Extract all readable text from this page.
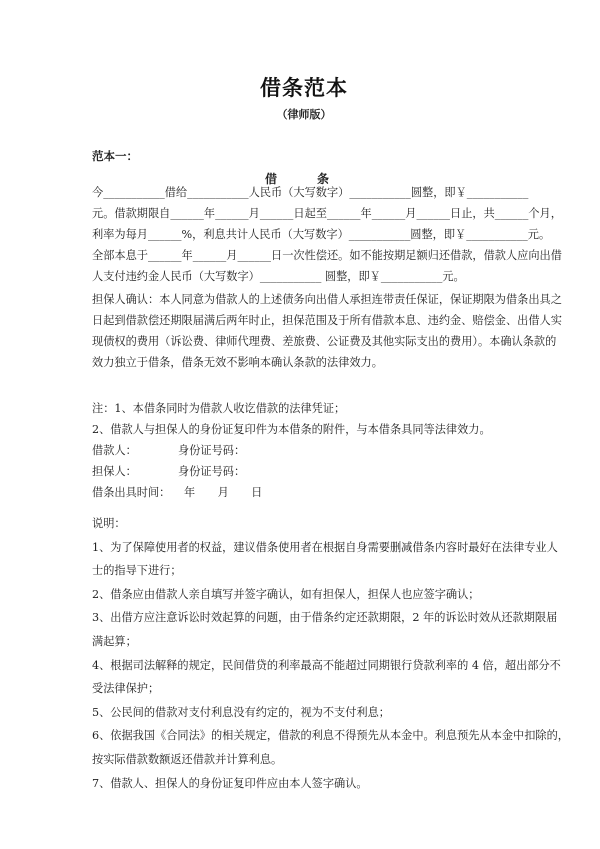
借条范本
（律师版）
范本一：
借　条
今___________借给___________人民币（大写数字）___________圆整，即￥___________
元。借款期限自______年______月______日起至______年______月______日止，共______个月，
利率为每月______%，利息共计人民币（大写数字）___________圆整，即￥___________元。
全部本息于______年______月______日一次性偿还。如不能按期足额归还借款，借款人应向出借
人支付违约金人民币（大写数字）___________ 圆整，即￥___________元。
担保人确认：本人同意为借款人的上述债务向出借人承担连带责任保证，保证期限为借条出具之
日起到借款偿还期限届满后两年时止，担保范围及于所有借款本息、违约金、赔偿金、出借人实
现债权的费用（诉讼费、律师代理费、差旅费、公证费及其他实际支出的费用）。本确认条款的
效力独立于借条，借条无效不影响本确认条款的法律效力。
注：1、本借条同时为借款人收讫借款的法律凭证；
2、借款人与担保人的身份证复印件为本借条的附件，与本借条具同等法律效力。
借款人：	身份证号码：
担保人：	身份证号码：
借条出具时间：	年　　月　　日
说明：
1、为了保障使用者的权益，建议借条使用者在根据自身需要删减借条内容时最好在法律专业人
士的指导下进行；
2、借条应由借款人亲自填写并签字确认，如有担保人，担保人也应签字确认；
3、出借方应注意诉讼时效起算的问题，由于借条约定还款期限，2 年的诉讼时效从还款期限届
满起算；
4、根据司法解释的规定，民间借贷的利率最高不能超过同期银行贷款利率的 4 倍，超出部分不
受法律保护；
5、公民间的借款对支付利息没有约定的，视为不支付利息；
6、依据我国《合同法》的相关规定，借款的利息不得预先从本金中。利息预先从本金中扣除的，
按实际借款数额返还借款并计算利息。
7、借款人、担保人的身份证复印件应由本人签字确认。
